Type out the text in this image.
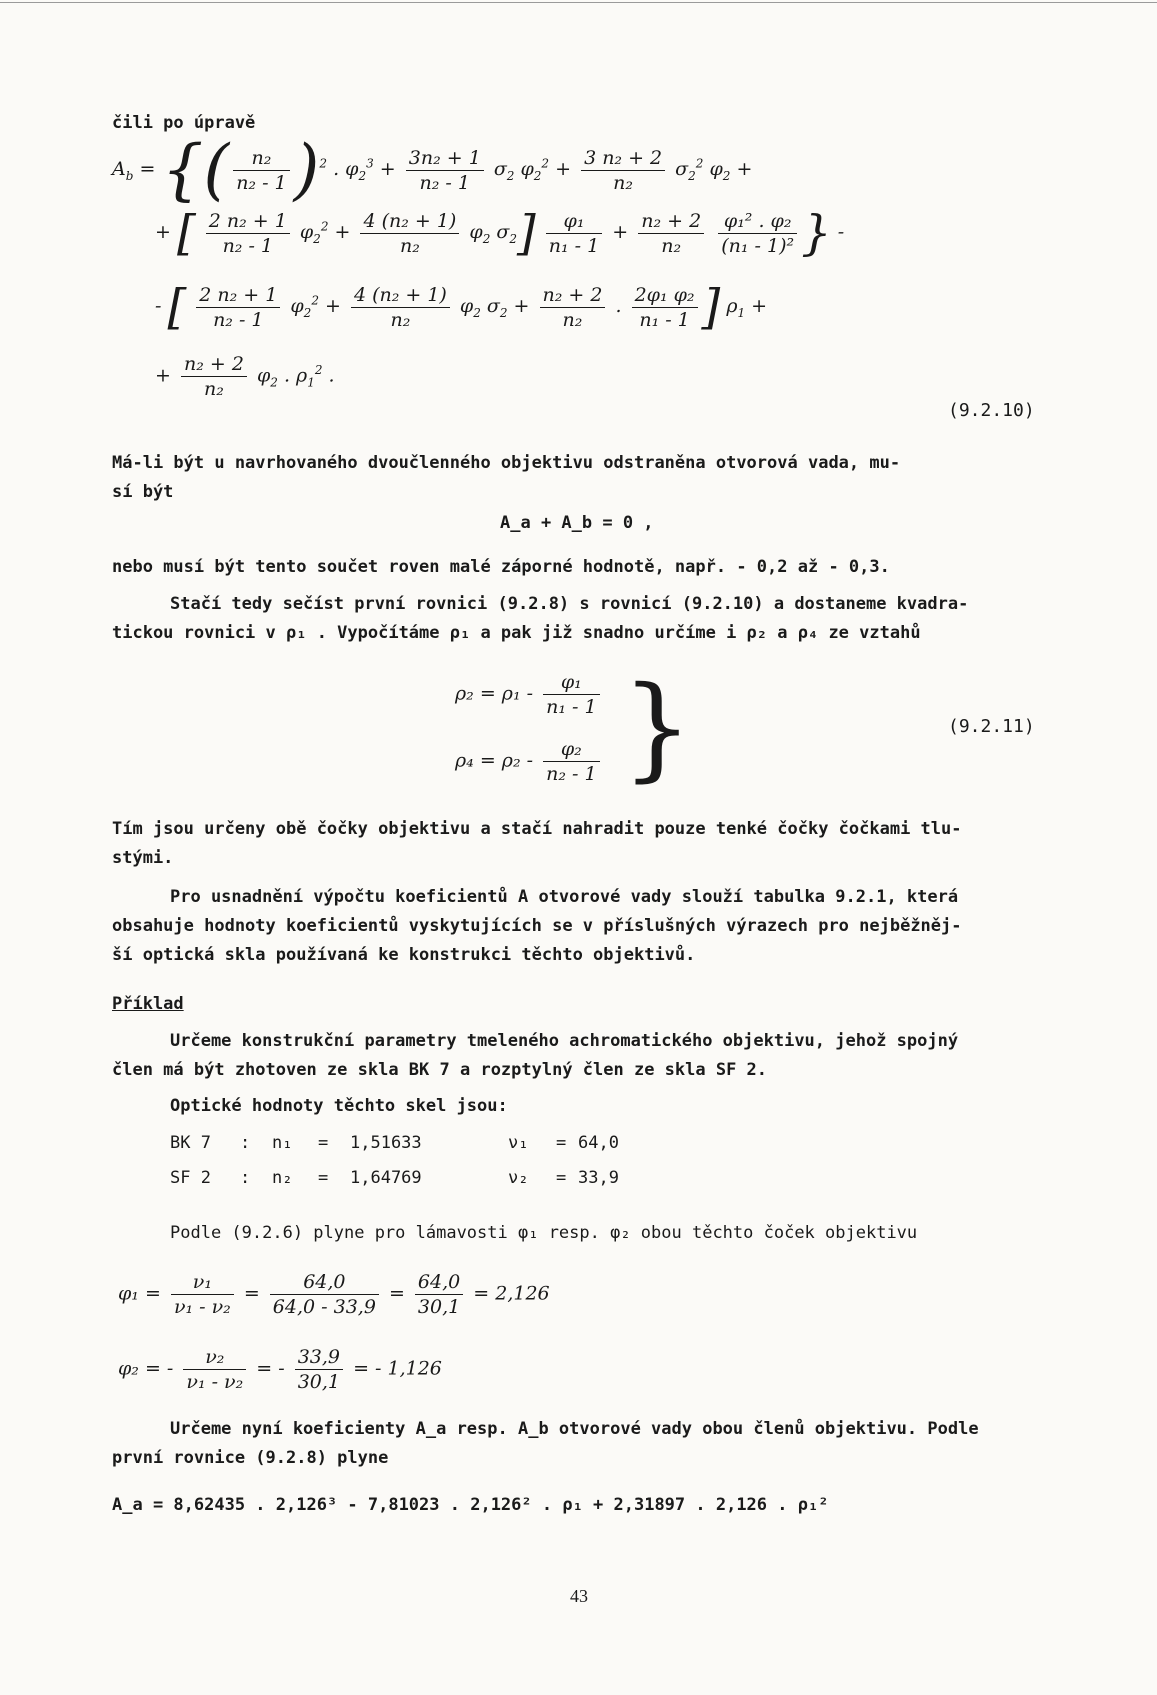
čili po úpravě
$A_b$ = {( $\frac{\text{n₂}}{\text{n₂ - 1}} )^2$ . $\varphi_2^3 + \frac{\text{3n₂ + 1}}{\text{n₂ - 1}} \sigma_2$ $\varphi_2^2 + \frac{\text{3 n₂ + 2}}{\text{n₂}} \sigma_2^2$ $\varphi_2$ +
+ [ $\frac{\text{2 n₂ + 1}}{\text{n₂ - 1}} \varphi_2^2 + \frac{\text{4 (n₂ + 1)}}{\text{n₂}} \varphi_2$ $\sigma_2] \frac{\text{φ₁}}{\text{n₁ - 1}} + \frac{\text{n₂ + 2}}{\text{n₂}}$
$\frac{\text{φ₁² . φ₂}}{\text{(n₁ - 1)²}}$ } -
- [ $\frac{\text{2 n₂ + 1}}{\text{n₂ - 1}} \varphi_2^2 + \frac{\text{4 (n₂ + 1)}}{\text{n₂}} \varphi_2$ $\sigma_2 + \frac{\text{n₂ + 2}}{\text{n₂}}$ . $\frac{\text{2φ₁ φ₂}}{\text{n₁ - 1}}$ ] $\rho_1$ +
+ $\frac{\text{n₂ + 2}}{\text{n₂}} \varphi_2$ . $\rho_1^2$ .
(9.2.10)
Má-li být u navrhovaného dvoučlenného objektivu odstraněna otvorová vada, mu-
sí být
A_a + A_b = 0 ,
nebo musí být tento součet roven malé záporné hodnotě, např. - 0,2 až - 0,3.
Stačí tedy sečíst první rovnici (9.2.8) s rovnicí (9.2.10) a dostaneme kvadra-
tickou rovnici v ρ₁ . Vypočítáme ρ₁ a pak již snadno určíme i ρ₂ a ρ₄ ze vztahů
$\rho_2 = \rho_1 - \frac{\text{φ₁}}{\text{n₁ - 1}}$	}
$\rho_4 = \rho_2 - \frac{\text{φ₂}}{\text{n₂ - 1}}$
(9.2.11)
Tím jsou určeny obě čočky objektivu a stačí nahradit pouze tenké čočky čočkami tlu-
stými.
Pro usnadnění výpočtu koeficientů A otvorové vady slouží tabulka 9.2.1, která
obsahuje hodnoty koeficientů vyskytujících se v příslušných výrazech pro nejběžněj-
ší optická skla používaná ke konstrukci těchto objektivů.
Příklad
Určeme konstrukční parametry tmeleného achromatického objektivu, jehož spojný
člen má být zhotoven ze skla BK 7 a rozptylný člen ze skla SF 2.
Optické hodnoty těchto skel jsou:
BK 7 : n₁ = 1,51633	ν₁ = 64,0
SF 2 : n₂ = 1,64769	ν₂ = 33,9
Podle (9.2.6) plyne pro lámavosti φ₁ resp. φ₂ obou těchto čoček objektivu
$\varphi_1 = \frac{\text{ν₁}}{\text{ν₁ - ν₂}} = \frac{64,0}{64,0 - 33,9} = \frac{64,0}{30,1} = 2,126$
φ₂ = - $\frac{\text{ν₂}}{\text{ν₁ - ν₂}}$ = - $\frac{33,9}{30,1}$ = - 1,126
Určeme nyní koeficienty A_a resp. A_b otvorové vady obou členů objektivu. Podle
první rovnice (9.2.8) plyne
A_a = 8,62435 . 2,126³ - 7,81023 . 2,126² . ρ₁ + 2,31897 . 2,126 . ρ₁²
43
